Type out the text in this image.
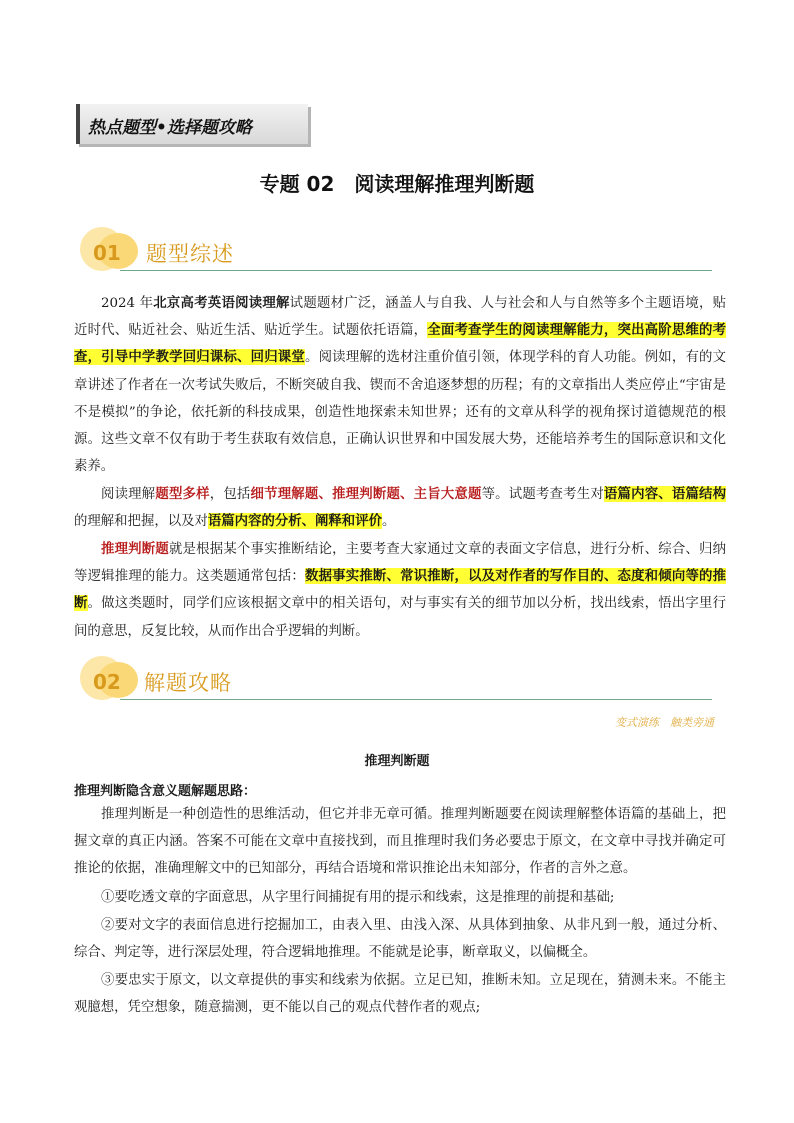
热点题型•选择题攻略
专题 02　阅读理解推理判断题
01 题型综述

2024 年北京高考英语阅读理解试题题材广泛，涵盖人与自我、人与社会和人与自然等多个主题语境，贴近时代、贴近社会、贴近生活、贴近学生。试题依托语篇，全面考查学生的阅读理解能力，突出高阶思维的考查，引导中学教学回归课标、回归课堂。阅读理解的选材注重价值引领，体现学科的育人功能。例如，有的文章讲述了作者在一次考试失败后，不断突破自我、锲而不舍追逐梦想的历程；有的文章指出人类应停止“宇宙是不是模拟”的争论，依托新的科技成果，创造性地探索未知世界；还有的文章从科学的视角探讨道德规范的根源。这些文章不仅有助于考生获取有效信息，正确认识世界和中国发展大势，还能培养考生的国际意识和文化素养。

阅读理解题型多样，包括细节理解题、推理判断题、主旨大意题等。试题考查考生对语篇内容、语篇结构的理解和把握，以及对语篇内容的分析、阐释和评价。

推理判断题就是根据某个事实推断结论，主要考查大家通过文章的表面文字信息，进行分析、综合、归纳等逻辑推理的能力。这类题通常包括：数据事实推断、常识推断，以及对作者的写作目的、态度和倾向等的推断。做这类题时，同学们应该根据文章中的相关语句，对与事实有关的细节加以分析，找出线索，悟出字里行间的意思，反复比较，从而作出合乎逻辑的判断。

02 解题攻略
变式演练　触类旁通
推理判断题
推理判断隐含意义题解题思路：

推理判断是一种创造性的思维活动，但它并非无章可循。推理判断题要在阅读理解整体语篇的基础上，把握文章的真正内涵。答案不可能在文章中直接找到，而且推理时我们务必要忠于原文，在文章中寻找并确定可推论的依据，准确理解文中的已知部分，再结合语境和常识推论出未知部分，作者的言外之意。

①要吃透文章的字面意思，从字里行间捕捉有用的提示和线索，这是推理的前提和基础;

②要对文字的表面信息进行挖掘加工，由表入里、由浅入深、从具体到抽象、从非凡到一般，通过分析、综合、判定等，进行深层处理，符合逻辑地推理。不能就是论事，断章取义，以偏概全。

③要忠实于原文，以文章提供的事实和线索为依据。立足已知，推断未知。立足现在，猜测未来。不能主观臆想，凭空想象，随意揣测，更不能以自己的观点代替作者的观点;
